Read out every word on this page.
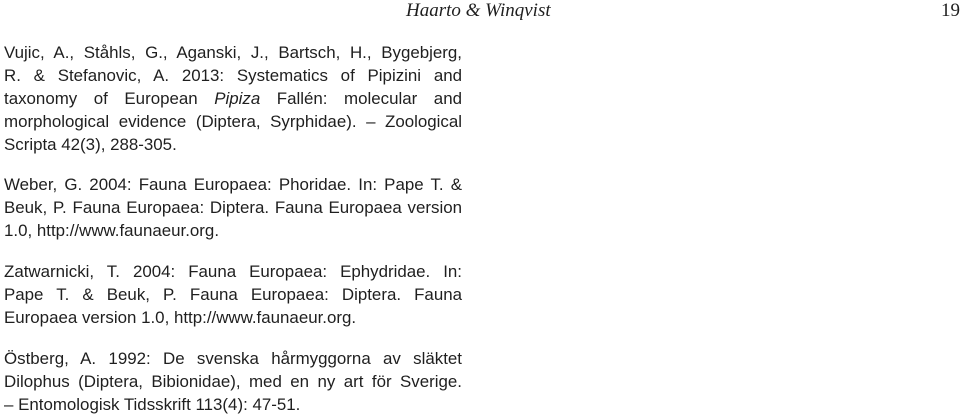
Haarto & Winqvist	19
Vujic, A., Ståhls, G., Aganski, J., Bartsch, H., Bygebjerg,
R. & Stefanovic, A. 2013: Systematics of Pipizini and
taxonomy of European Pipiza Fallén: molecular and
morphological evidence (Diptera, Syrphidae). – Zoological
Scripta 42(3), 288-305.
Weber, G. 2004: Fauna Europaea: Phoridae. In: Pape T. &
Beuk, P. Fauna Europaea: Diptera. Fauna Europaea version
1.0, http://www.faunaeur.org.
Zatwarnicki, T. 2004: Fauna Europaea: Ephydridae. In:
Pape T. & Beuk, P. Fauna Europaea: Diptera. Fauna
Europaea version 1.0, http://www.faunaeur.org.
Östberg, A. 1992: De svenska hårmyggorna av släktet
Dilophus (Diptera, Bibionidae), med en ny art för Sverige.
– Entomologisk Tidsskrift 113(4): 47-51.
